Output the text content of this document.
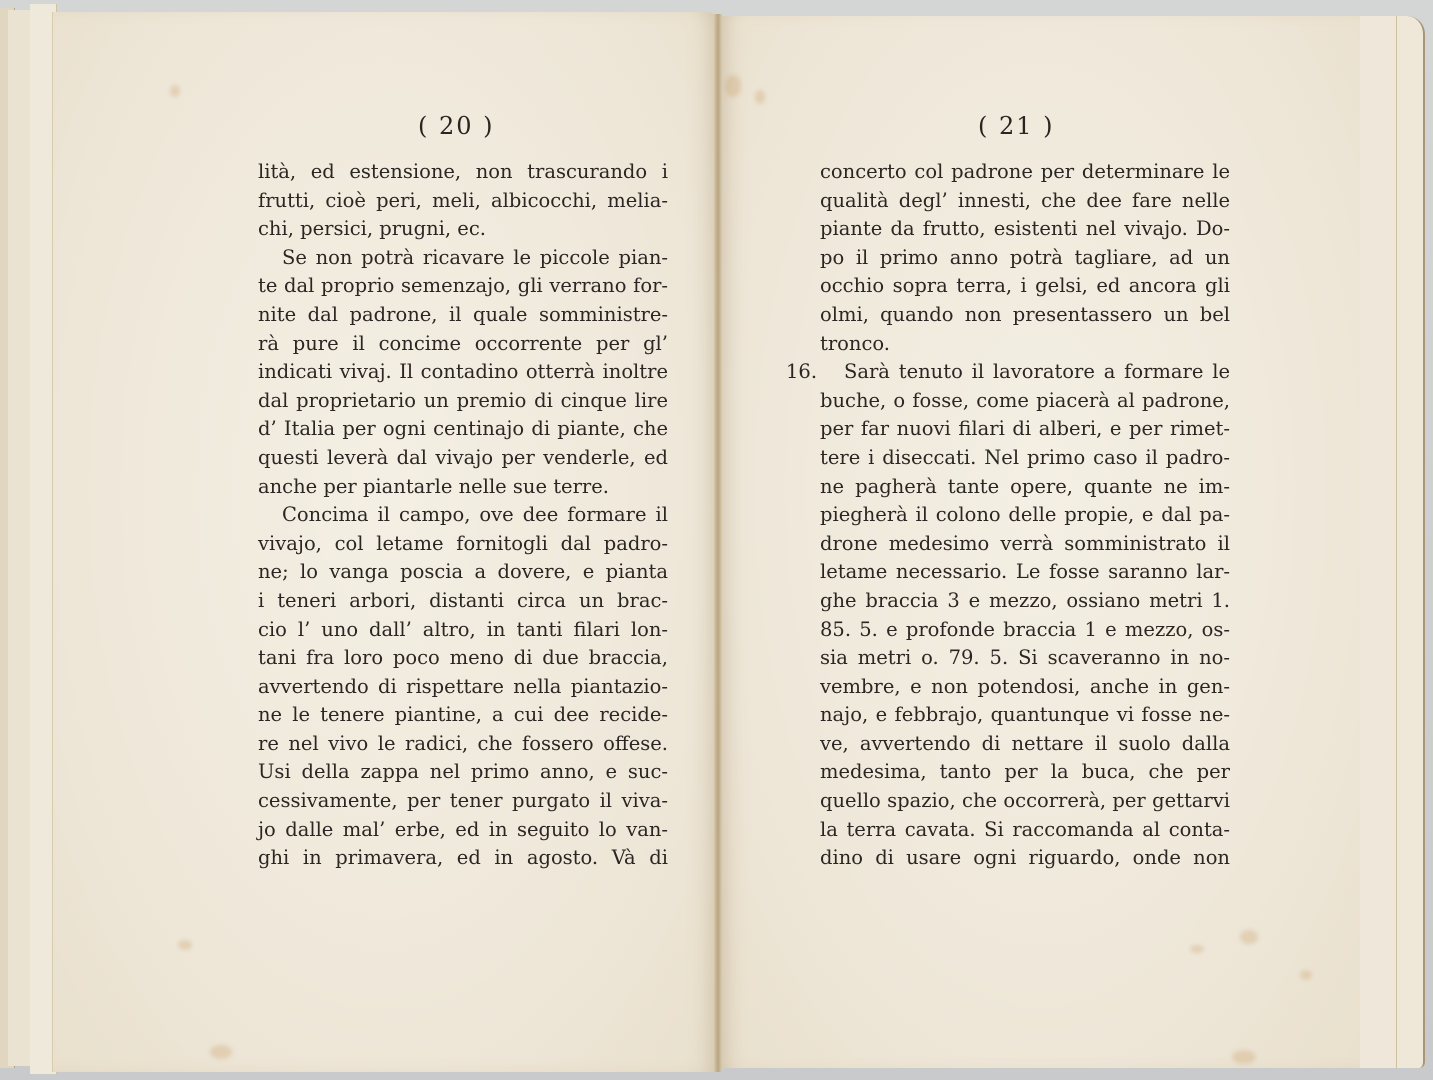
( 20 )
lità, ed estensione, non trascurando i
frutti, cioè peri, meli, albicocchi, melia-
chi, persici, prugni, ec.
Se non potrà ricavare le piccole pian-
te dal proprio semenzajo, gli verrano for-
nite dal padrone, il quale somministre-
rà pure il concime occorrente per gl’
indicati vivaj. Il contadino otterrà inoltre
dal proprietario un premio di cinque lire
d’ Italia per ogni centinajo di piante, che
questi leverà dal vivajo per venderle, ed
anche per piantarle nelle sue terre.
Concima il campo, ove dee formare il
vivajo, col letame fornitogli dal padro-
ne; lo vanga poscia a dovere, e pianta
i teneri arbori, distanti circa un brac-
cio l’ uno dall’ altro, in tanti filari lon-
tani fra loro poco meno di due braccia,
avvertendo di rispettare nella piantazio-
ne le tenere piantine, a cui dee recide-
re nel vivo le radici, che fossero offese.
Usi della zappa nel primo anno, e suc-
cessivamente, per tener purgato il viva-
jo dalle mal’ erbe, ed in seguito lo van-
ghi in primavera, ed in agosto. Và di
( 21 )
concerto col padrone per determinare le
qualità degl’ innesti, che dee fare nelle
piante da frutto, esistenti nel vivajo. Do-
po il primo anno potrà tagliare, ad un
occhio sopra terra, i gelsi, ed ancora gli
olmi, quando non presentassero un bel
tronco.
16. Sarà tenuto il lavoratore a formare le
buche, o fosse, come piacerà al padrone,
per far nuovi filari di alberi, e per rimet-
tere i diseccati. Nel primo caso il padro-
ne pagherà tante opere, quante ne im-
piegherà il colono delle propie, e dal pa-
drone medesimo verrà somministrato il
letame necessario. Le fosse saranno lar-
ghe braccia 3 e mezzo, ossiano metri 1.
85. 5. e profonde braccia 1 e mezzo, os-
sia metri o. 79. 5. Si scaveranno in no-
vembre, e non potendosi, anche in gen-
najo, e febbrajo, quantunque vi fosse ne-
ve, avvertendo di nettare il suolo dalla
medesima, tanto per la buca, che per
quello spazio, che occorrerà, per gettarvi
la terra cavata. Si raccomanda al conta-
dino di usare ogni riguardo, onde non
